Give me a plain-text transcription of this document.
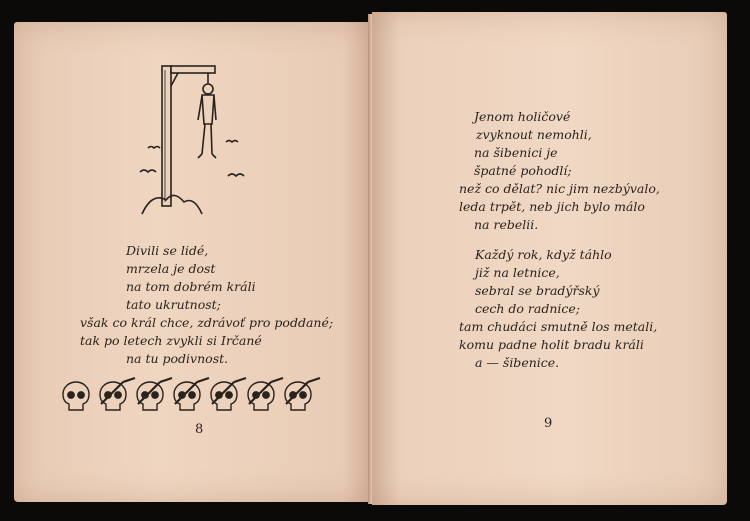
Divili se lidé,
mrzela je dost
na tom dobrém králi
tato ukrutnost;
však co král chce, zdrávoť pro poddané;
tak po letech zvykli si Irčané
na tu podivnost.
8
Jenom holičové
zvyknout nemohli,
na šibenici je
špatné pohodlí;
než co dělat? nic jim nezbývalo,
leda trpět, neb jich bylo málo
na rebelii.
Každý rok, když táhlo
již na letnice,
sebral se bradýřský
cech do radnice;
tam chudáci smutně los metali,
komu padne holit bradu králi
a — šibenice.
9
